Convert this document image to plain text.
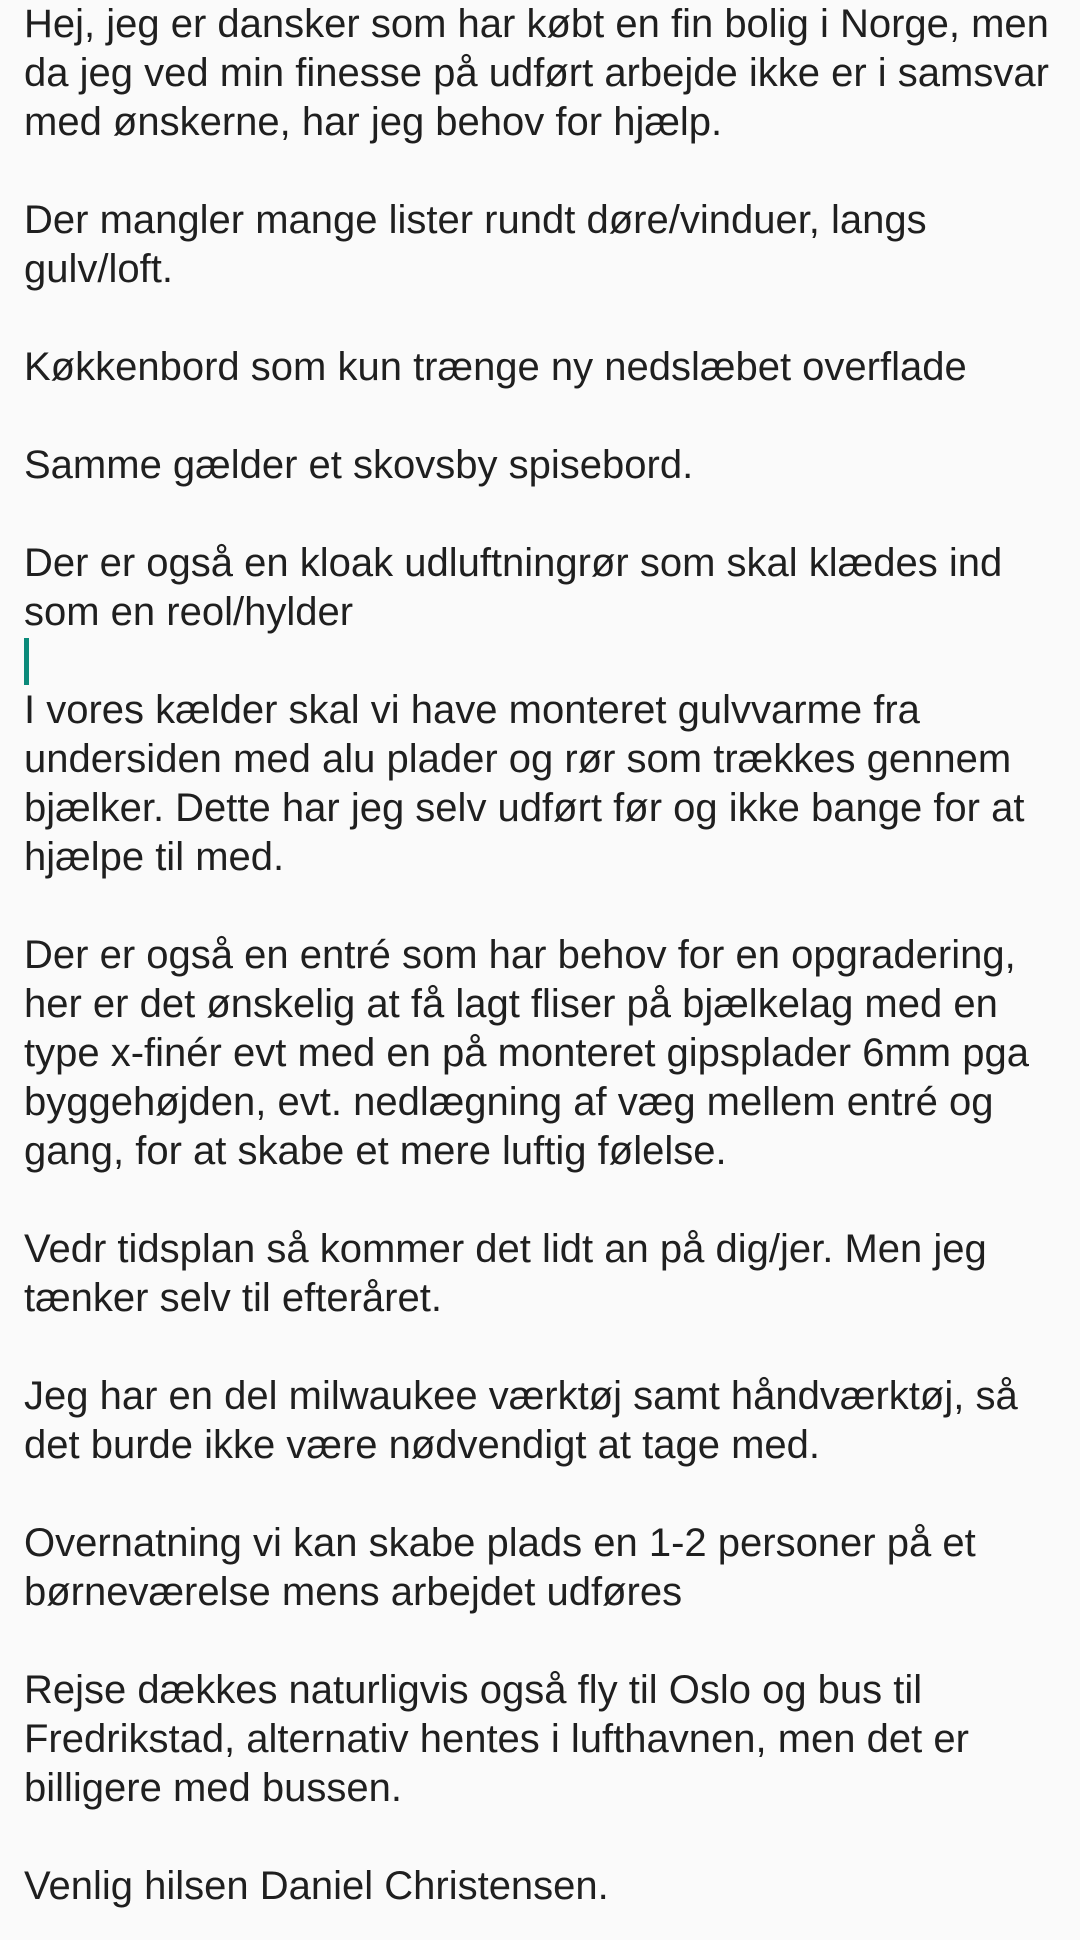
Hej, jeg er dansker som har købt en fin bolig i Norge, men da jeg ved min finesse på udført arbejde ikke er i samsvar med ønskerne, har jeg behov for hjælp.

Der mangler mange lister rundt døre/vinduer, langs gulv/loft.

Køkkenbord som kun trænge ny nedslæbet overflade

Samme gælder et skovsby spisebord.

Der er også en kloak udluftningrør som skal klædes ind som en reol/hylder

I vores kælder skal vi have monteret gulvvarme fra undersiden med alu plader og rør som trækkes gennem bjælker. Dette har jeg selv udført før og ikke bange for at hjælpe til med.

Der er også en entré som har behov for en opgradering, her er det ønskelig at få lagt fliser på bjælkelag med en type x-finér evt med en på monteret gipsplader 6mm pga byggehøjden, evt. nedlægning af væg mellem entré og gang, for at skabe et mere luftig følelse.

Vedr tidsplan så kommer det lidt an på dig/jer. Men jeg tænker selv til efteråret.

Jeg har en del milwaukee værktøj samt håndværktøj, så det burde ikke være nødvendigt at tage med.

Overnatning vi kan skabe plads en 1-2 personer på et børneværelse mens arbejdet udføres

Rejse dækkes naturligvis også fly til Oslo og bus til Fredrikstad, alternativ hentes i lufthavnen, men det er billigere med bussen.

Venlig hilsen Daniel Christensen.
